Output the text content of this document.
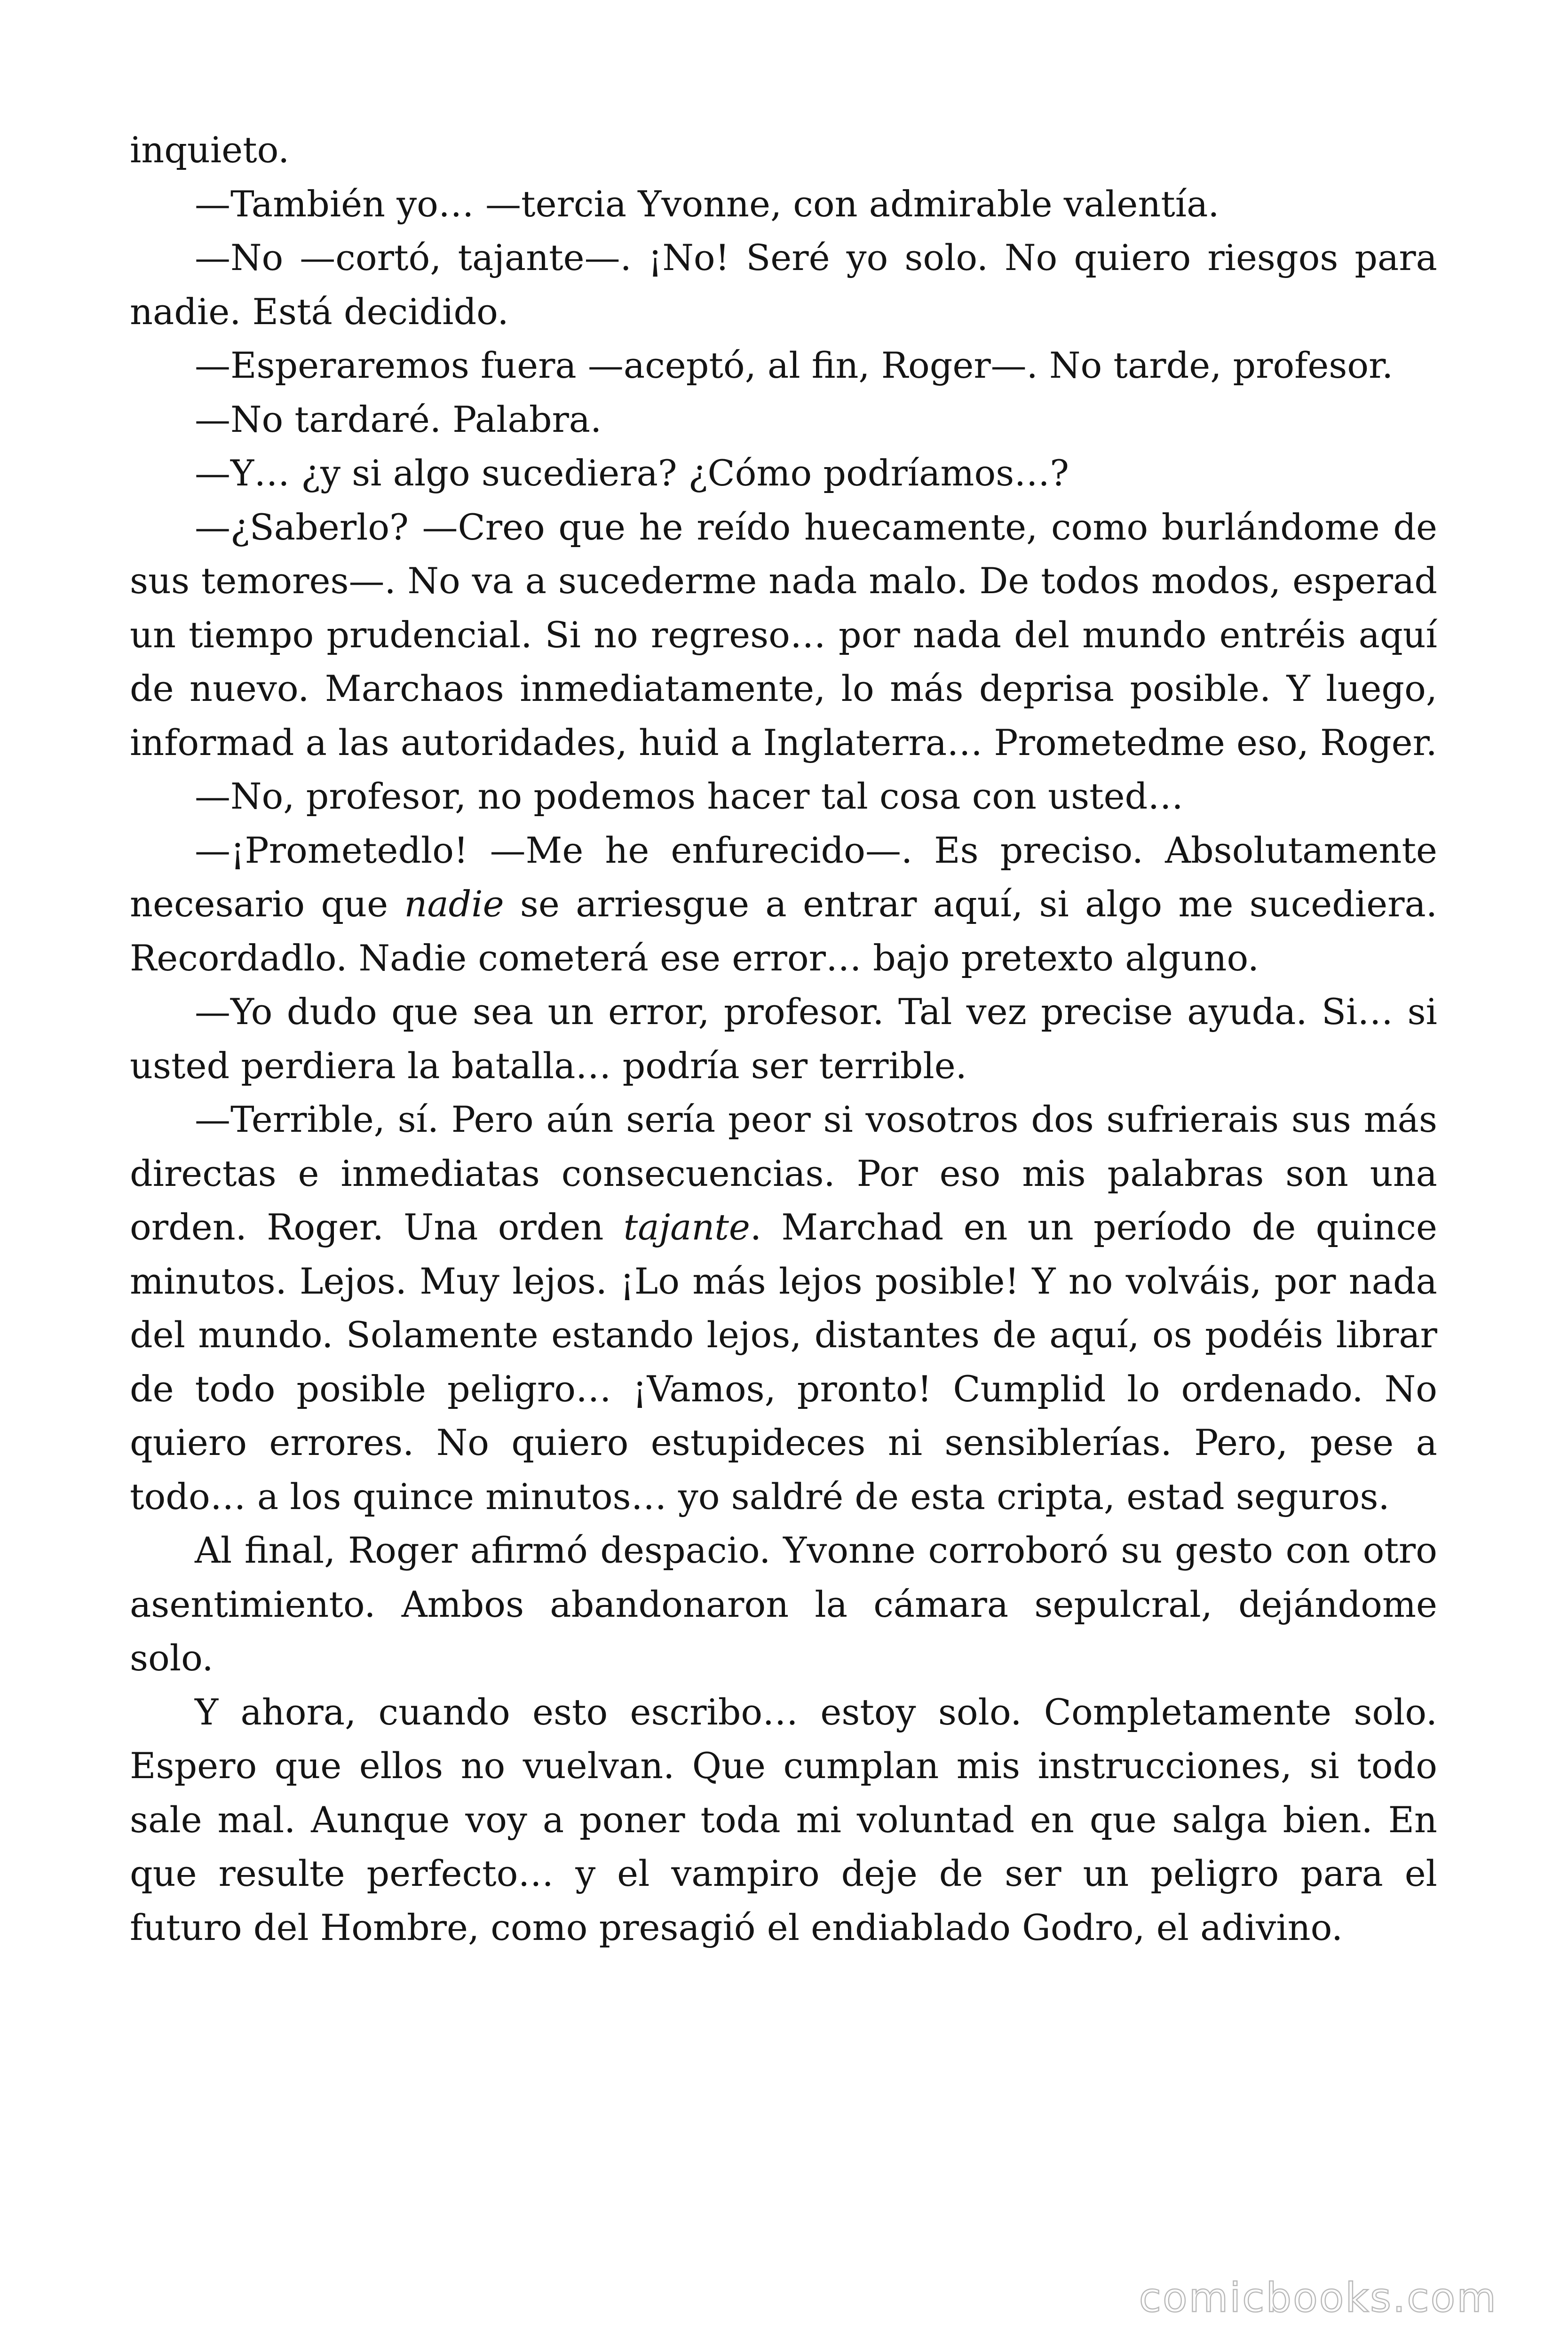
inquieto.

—También yo… —tercia Yvonne, con admirable valentía.

—No —cortó, tajante—. ¡No! Seré yo solo. No quiero riesgos para nadie. Está decidido.

—Esperaremos fuera —aceptó, al fin, Roger—. No tarde, profesor.

—No tardaré. Palabra.

—Y… ¿y si algo sucediera? ¿Cómo podríamos…?

—¿Saberlo? —Creo que he reído huecamente, como burlándome de sus temores—. No va a sucederme nada malo. De todos modos, esperad un tiempo prudencial. Si no regreso… por nada del mundo entréis aquí de nuevo. Marchaos inmediatamente, lo más deprisa posible. Y luego, informad a las autoridades, huid a Inglaterra… Prometedme eso, Roger.

—No, profesor, no podemos hacer tal cosa con usted…

—¡Prometedlo! —Me he enfurecido—. Es preciso. Absolutamente necesario que nadie se arriesgue a entrar aquí, si algo me sucediera. Recordadlo. Nadie cometerá ese error… bajo pretexto alguno.

—Yo dudo que sea un error, profesor. Tal vez precise ayuda. Si… si usted perdiera la batalla… podría ser terrible.

—Terrible, sí. Pero aún sería peor si vosotros dos sufrierais sus más directas e inmediatas consecuencias. Por eso mis palabras son una orden. Roger. Una orden tajante. Marchad en un período de quince minutos. Lejos. Muy lejos. ¡Lo más lejos posible! Y no volváis, por nada del mundo. Solamente estando lejos, distantes de aquí, os podéis librar de todo posible peligro… ¡Vamos, pronto! Cumplid lo ordenado. No quiero errores. No quiero estupideces ni sensiblerías. Pero, pese a todo… a los quince minutos… yo saldré de esta cripta, estad seguros.

Al final, Roger afirmó despacio. Yvonne corroboró su gesto con otro asentimiento. Ambos abandonaron la cámara sepulcral, dejándome solo.

Y ahora, cuando esto escribo… estoy solo. Completamente solo. Espero que ellos no vuelvan. Que cumplan mis instrucciones, si todo sale mal. Aunque voy a poner toda mi voluntad en que salga bien. En que resulte perfecto… y el vampiro deje de ser un peligro para el futuro del Hombre, como presagió el endiablado Godro, el adivino.

comicbooks.com
